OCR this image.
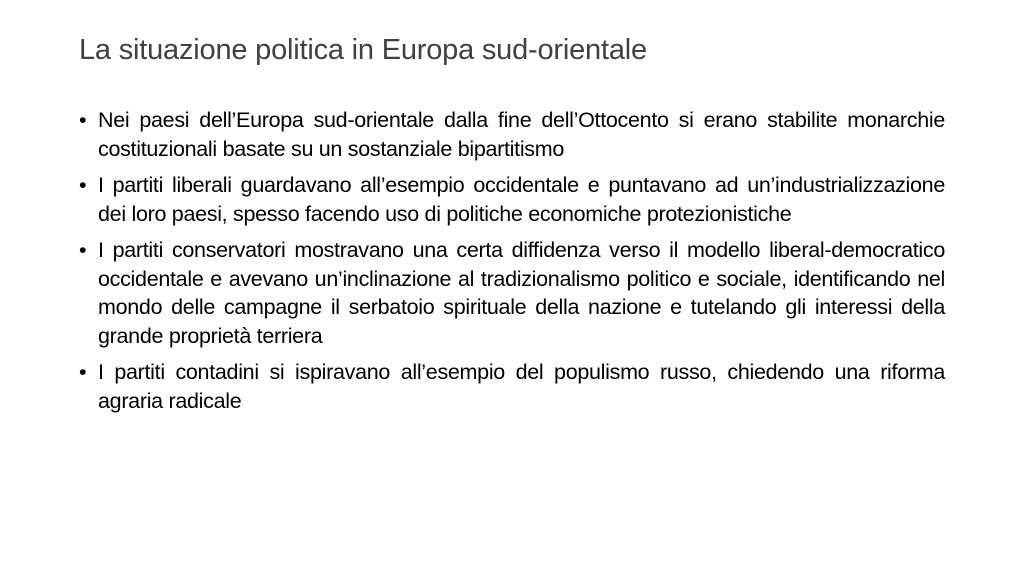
La situazione politica in Europa sud-orientale
• Nei paesi dell’Europa sud-orientale dalla fine dell’Ottocento si erano stabilite monarchie costituzionali basate su un sostanziale bipartitismo
• I partiti liberali guardavano all’esempio occidentale e puntavano ad un’industrializzazione dei loro paesi, spesso facendo uso di politiche economiche protezionistiche
• I partiti conservatori mostravano una certa diffidenza verso il modello liberal-democratico occidentale e avevano un’inclinazione al tradizionalismo politico e sociale, identificando nel mondo delle campagne il serbatoio spirituale della nazione e tutelando gli interessi della grande proprietà terriera
• I partiti contadini si ispiravano all’esempio del populismo russo, chiedendo una riforma agraria radicale
